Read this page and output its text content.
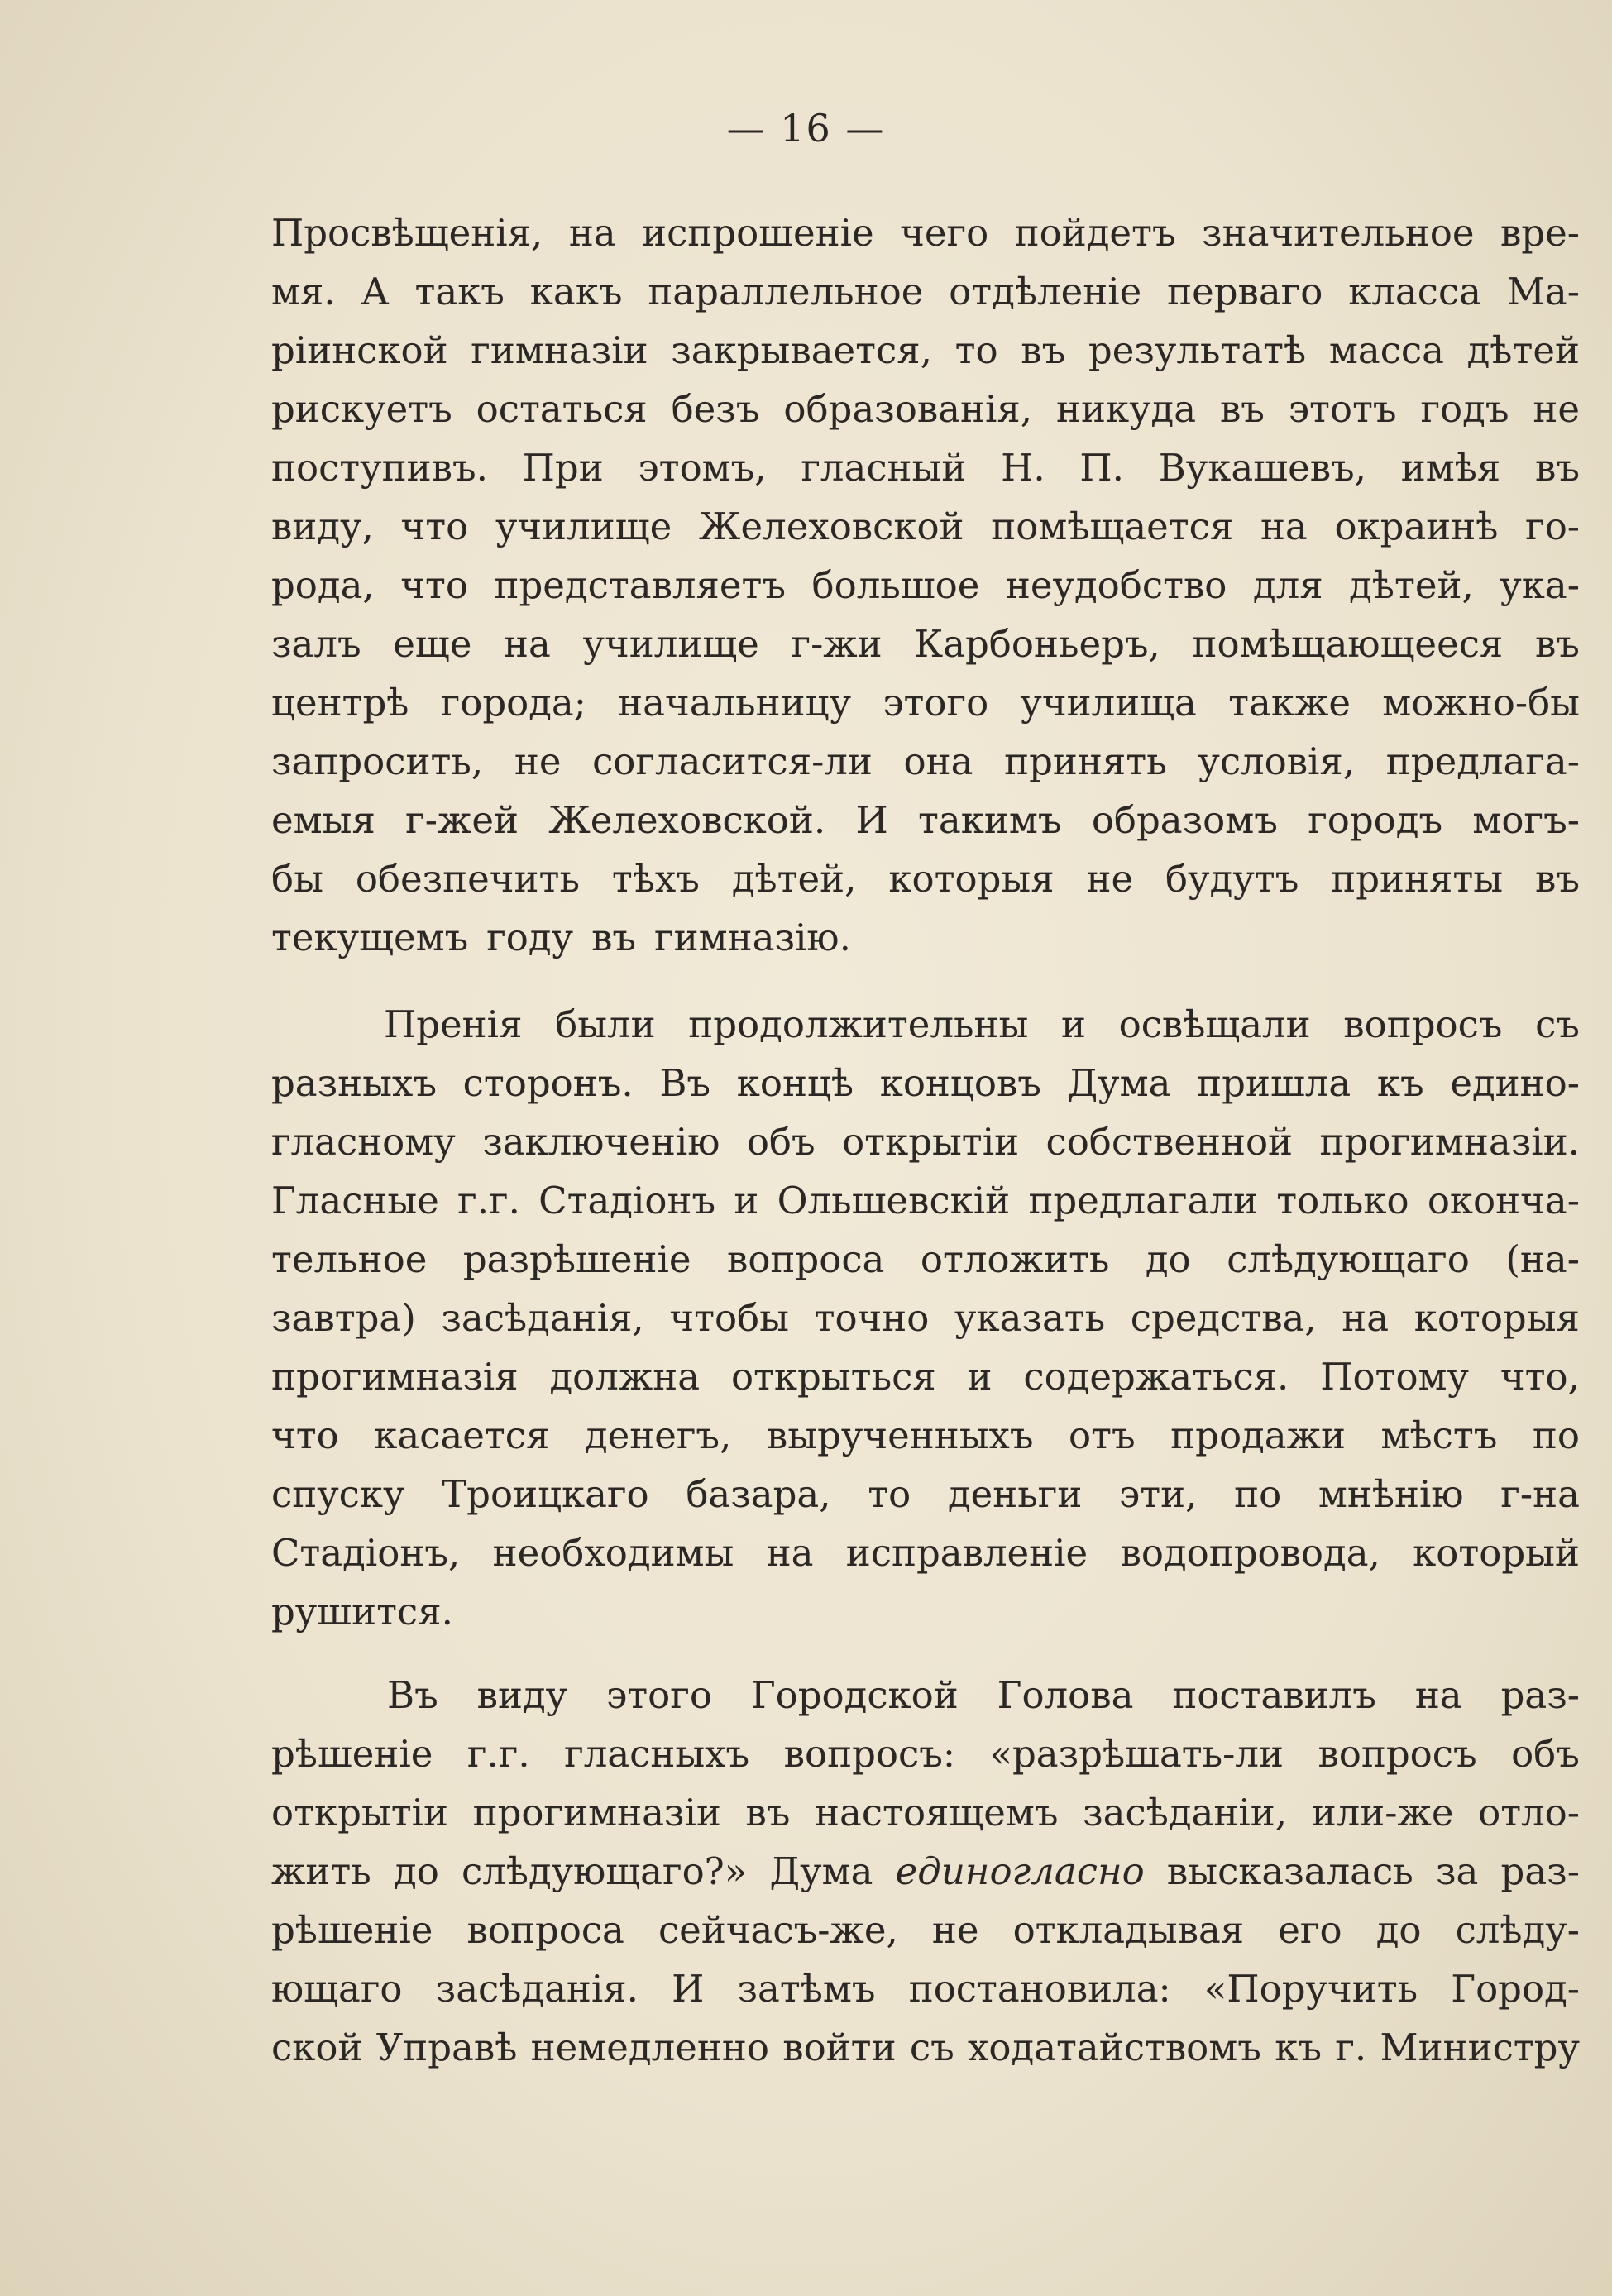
— 16 —
Просвѣщенія, на испрошеніе чего пойдетъ значительное вре-
мя. А такъ какъ параллельное отдѣленіе перваго класса Ма-
ріинской гимназіи закрывается, то въ результатѣ масса дѣтей
рискуетъ остаться безъ образованія, никуда въ этотъ годъ не
поступивъ. При этомъ, гласный Н. П. Вукашевъ, имѣя въ
виду, что училище Желеховской помѣщается на окраинѣ го-
рода, что представляетъ большое неудобство для дѣтей, ука-
залъ еще на училище г-жи Карбоньеръ, помѣщающееся въ
центрѣ города; начальницу этого училища также можно-бы
запросить, не согласится-ли она принять условія, предлага-
емыя г-жей Желеховской. И такимъ образомъ городъ могъ-
бы обезпечить тѣхъ дѣтей, которыя не будутъ приняты въ
текущемъ году въ гимназію.
Пренія были продолжительны и освѣщали вопросъ съ
разныхъ сторонъ. Въ концѣ концовъ Дума пришла къ едино-
гласному заключенію объ открытіи собственной прогимназіи.
Гласные г.г. Стадіонъ и Ольшевскій предлагали только оконча-
тельное разрѣшеніе вопроса отложить до слѣдующаго (на-
завтра) засѣданія, чтобы точно указать средства, на которыя
прогимназія должна открыться и содержаться. Потому что,
что касается денегъ, вырученныхъ отъ продажи мѣстъ по
спуску Троицкаго базара, то деньги эти, по мнѣнію г-на
Стадіонъ, необходимы на исправленіе водопровода, который
рушится.
Въ виду этого Городской Голова поставилъ на раз-
рѣшеніе г.г. гласныхъ вопросъ: «разрѣшать-ли вопросъ объ
открытіи прогимназіи въ настоящемъ засѣданіи, или-же отло-
жить до слѣдующаго?» Дума единогласно высказалась за раз-
рѣшеніе вопроса сейчасъ-же, не откладывая его до слѣду-
ющаго засѣданія. И затѣмъ постановила: «Поручить Город-
ской Управѣ немедленно войти съ ходатайствомъ къ г. Министру
